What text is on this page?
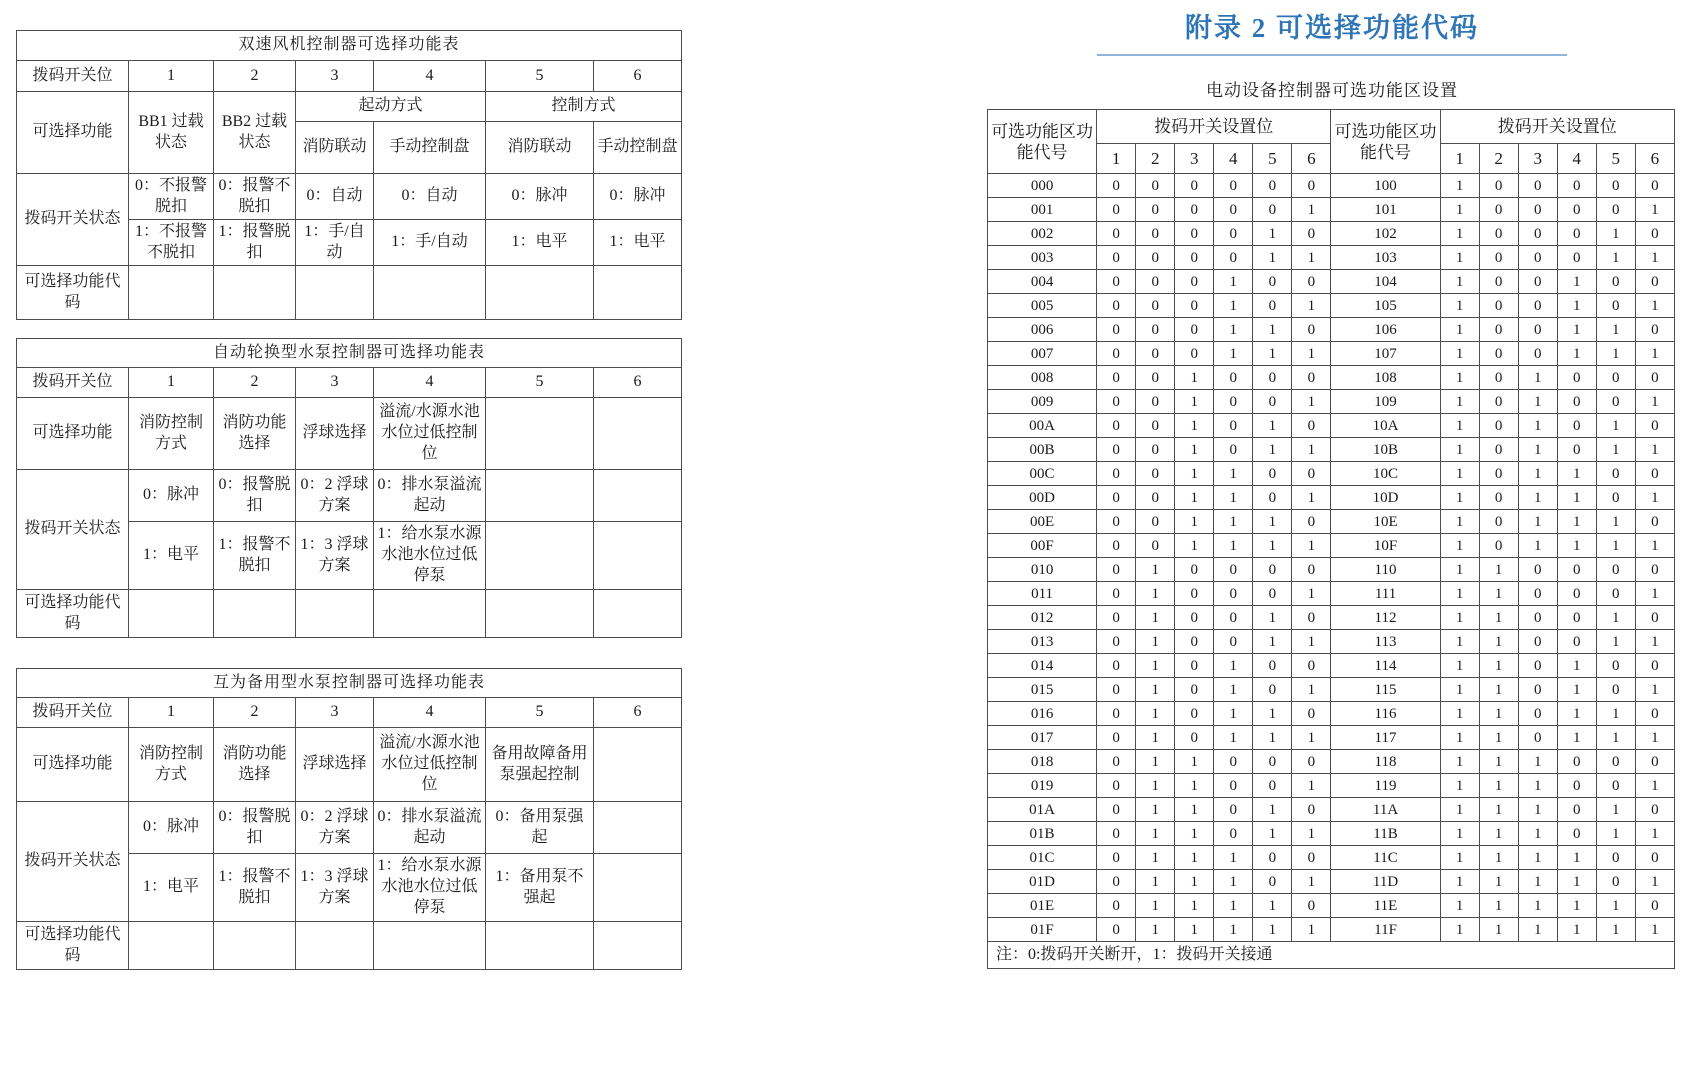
双速风机控制器可选择功能表						
拨码开关位	1	2	3	4	5	6
可选择功能	BB1 过载状态	BB2 过载状态	起动方式		控制方式	
			消防联动	手动控制盘	消防联动	手动控制盘
拨码开关状态	0：不报警脱扣	0：报警不脱扣	0：自动	0：自动	0：脉冲	0：脉冲
	1：不报警不脱扣	1：报警脱扣	1：手/自动	1：手/自动	1：电平	1：电平
可选择功能代码						
自动轮换型水泵控制器可选择功能表						
拨码开关位	1	2	3	4	5	6
可选择功能	消防控制方式	消防功能选择	浮球选择	溢流/水源水池水位过低控制位		
拨码开关状态	0：脉冲	0：报警脱扣	0：2 浮球方案	0：排水泵溢流起动		
	1：电平	1：报警不脱扣	1：3 浮球方案	1：给水泵水源水池水位过低停泵		
可选择功能代码						
互为备用型水泵控制器可选择功能表						
拨码开关位	1	2	3	4	5	6
可选择功能	消防控制方式	消防功能选择	浮球选择	溢流/水源水池水位过低控制位	备用故障备用泵强起控制	
拨码开关状态	0：脉冲	0：报警脱扣	0：2 浮球方案	0：排水泵溢流起动	0：备用泵强起	
	1：电平	1：报警不脱扣	1：3 浮球方案	1：给水泵水源水池水位过低停泵	1：备用泵不强起	
可选择功能代码						
附录 2 可选择功能代码
电动设备控制器可选功能区设置
可选功能区功能代号	拨码开关设置位						可选功能区功能代号	拨码开关设置位					
	1	2	3	4	5	6		1	2	3	4	5	6
000	0	0	0	0	0	0	100	1	0	0	0	0	0
001	0	0	0	0	0	1	101	1	0	0	0	0	1
002	0	0	0	0	1	0	102	1	0	0	0	1	0
003	0	0	0	0	1	1	103	1	0	0	0	1	1
004	0	0	0	1	0	0	104	1	0	0	1	0	0
005	0	0	0	1	0	1	105	1	0	0	1	0	1
006	0	0	0	1	1	0	106	1	0	0	1	1	0
007	0	0	0	1	1	1	107	1	0	0	1	1	1
008	0	0	1	0	0	0	108	1	0	1	0	0	0
009	0	0	1	0	0	1	109	1	0	1	0	0	1
00A	0	0	1	0	1	0	10A	1	0	1	0	1	0
00B	0	0	1	0	1	1	10B	1	0	1	0	1	1
00C	0	0	1	1	0	0	10C	1	0	1	1	0	0
00D	0	0	1	1	0	1	10D	1	0	1	1	0	1
00E	0	0	1	1	1	0	10E	1	0	1	1	1	0
00F	0	0	1	1	1	1	10F	1	0	1	1	1	1
010	0	1	0	0	0	0	110	1	1	0	0	0	0
011	0	1	0	0	0	1	111	1	1	0	0	0	1
012	0	1	0	0	1	0	112	1	1	0	0	1	0
013	0	1	0	0	1	1	113	1	1	0	0	1	1
014	0	1	0	1	0	0	114	1	1	0	1	0	0
015	0	1	0	1	0	1	115	1	1	0	1	0	1
016	0	1	0	1	1	0	116	1	1	0	1	1	0
017	0	1	0	1	1	1	117	1	1	0	1	1	1
018	0	1	1	0	0	0	118	1	1	1	0	0	0
019	0	1	1	0	0	1	119	1	1	1	0	0	1
01A	0	1	1	0	1	0	11A	1	1	1	0	1	0
01B	0	1	1	0	1	1	11B	1	1	1	0	1	1
01C	0	1	1	1	0	0	11C	1	1	1	1	0	0
01D	0	1	1	1	0	1	11D	1	1	1	1	0	1
01E	0	1	1	1	1	0	11E	1	1	1	1	1	0
01F	0	1	1	1	1	1	11F	1	1	1	1	1	1
注：0:拨码开关断开，1：拨码开关接通													
